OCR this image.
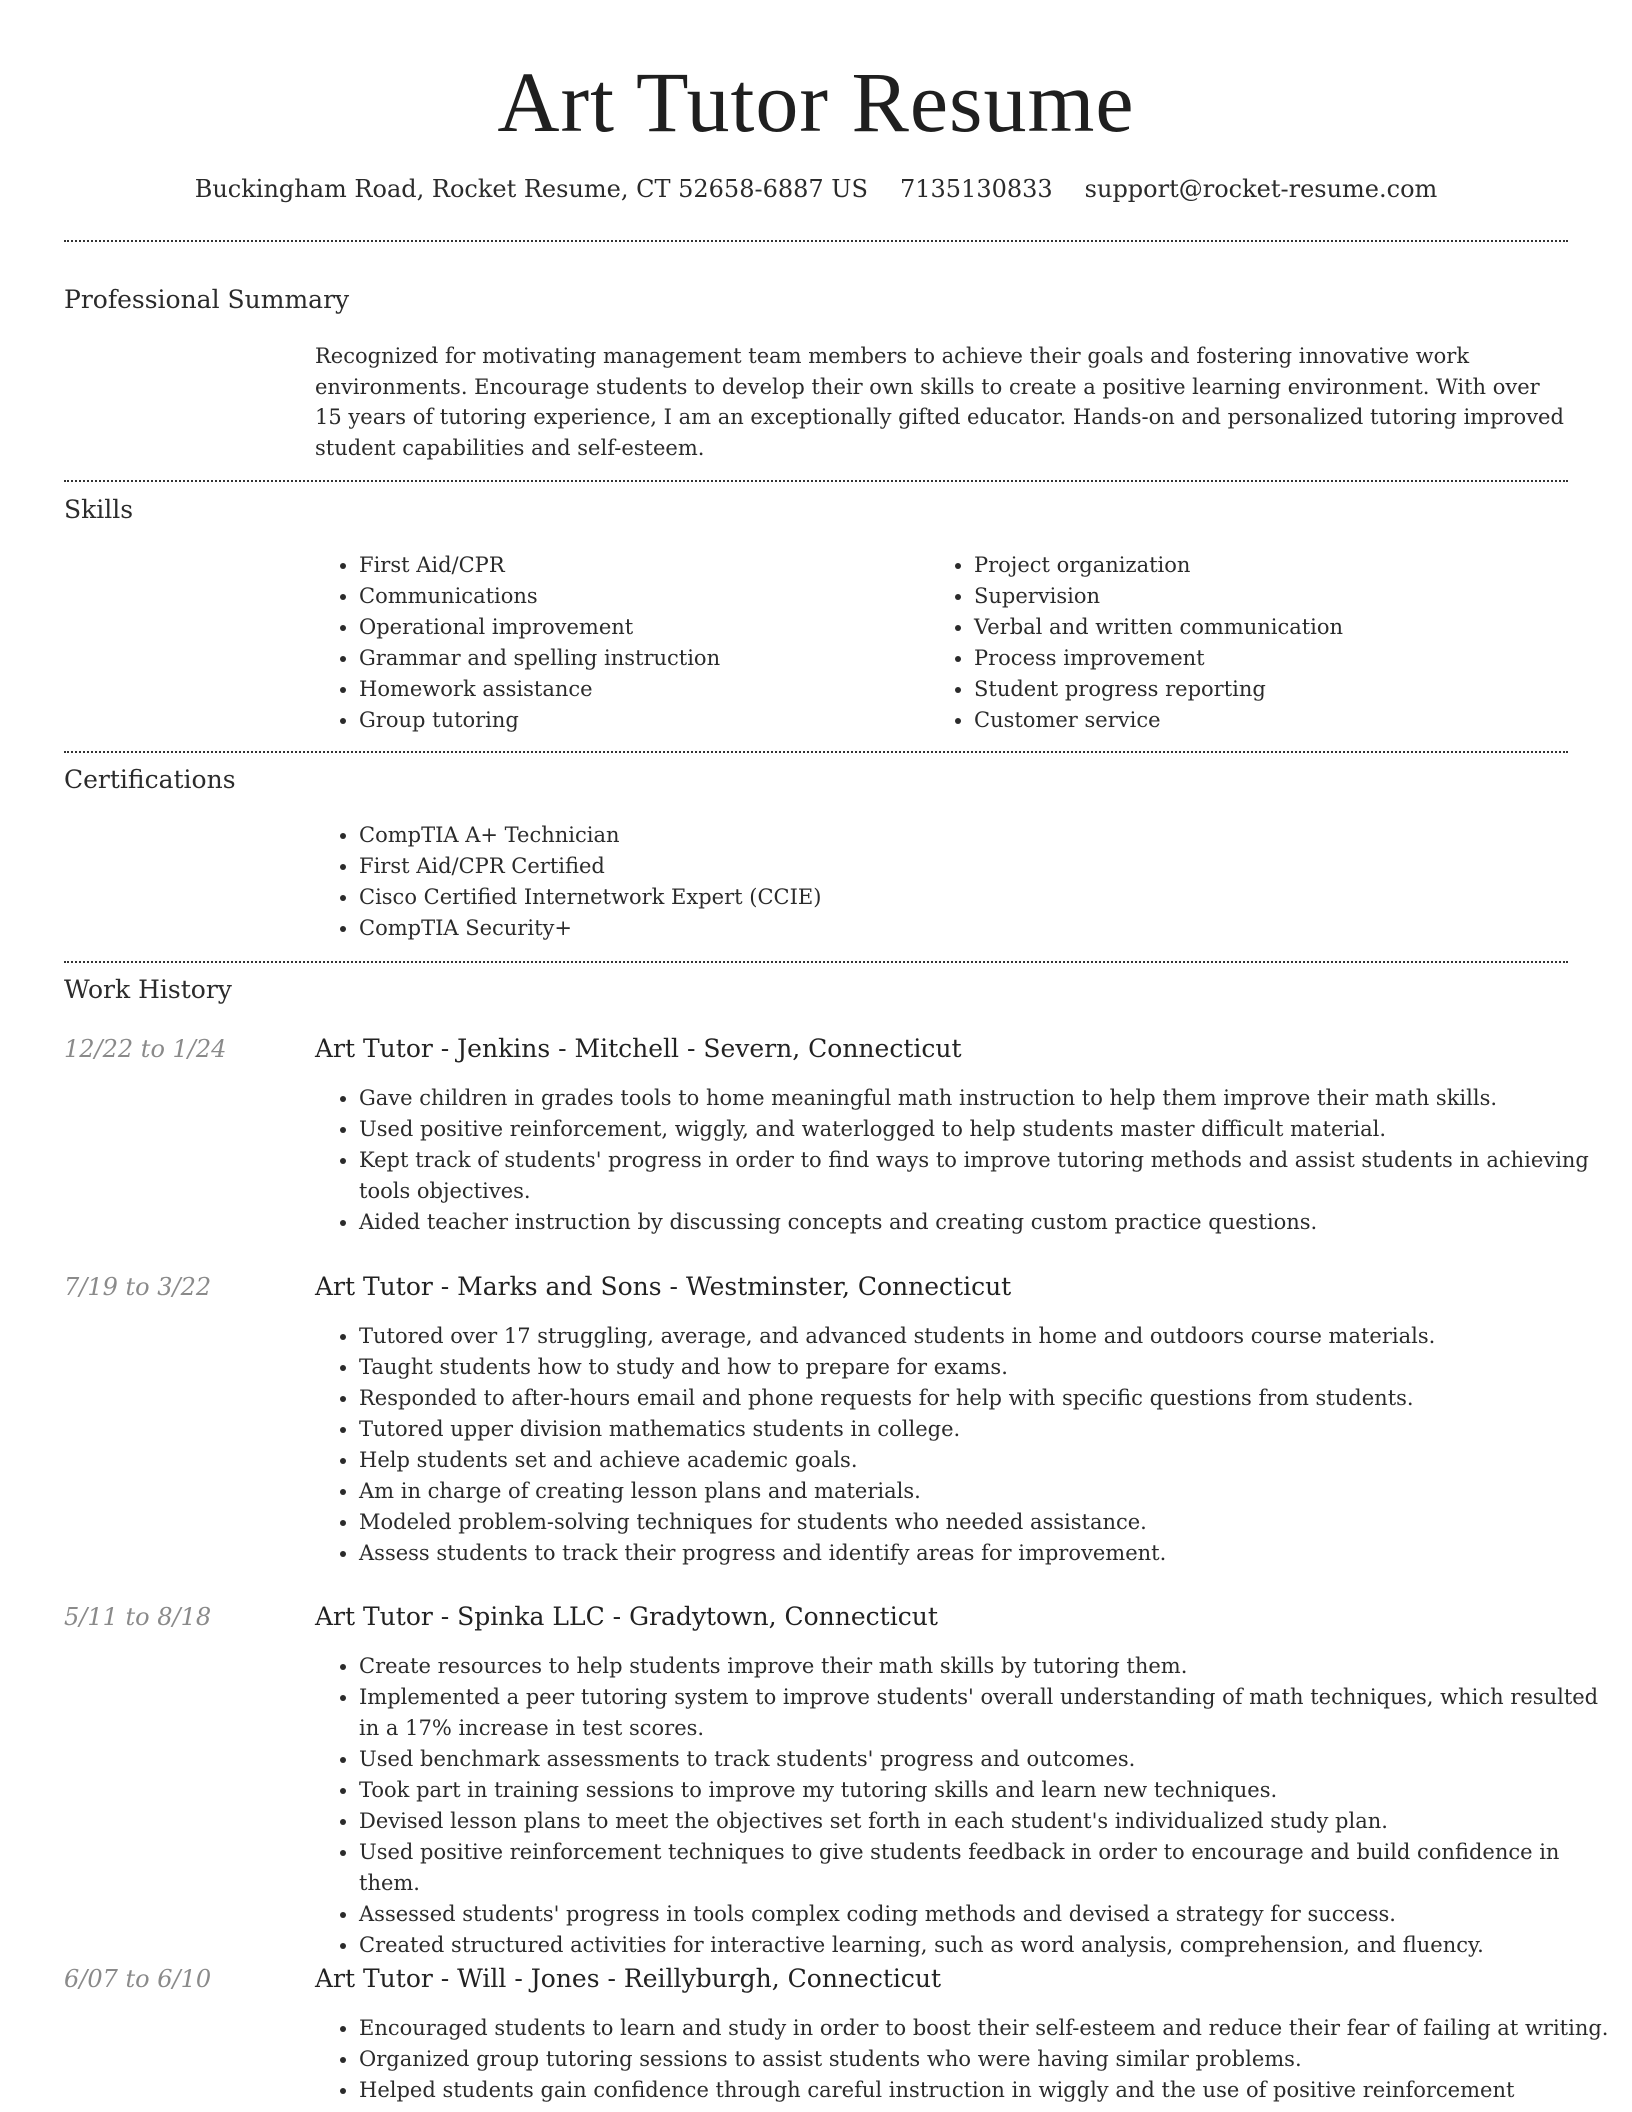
Art Tutor Resume
Buckingham Road, Rocket Resume, CT 52658-6887 US 7135130833 support@rocket-resume.com
Professional Summary

Recognized for motivating management team members to achieve their goals and fostering innovative work environments. Encourage students to develop their own skills to create a positive learning environment. With over 15 years of tutoring experience, I am an exceptionally gifted educator. Hands-on and personalized tutoring improved student capabilities and self-esteem.

Skills
• First Aid/CPR
• Communications
• Operational improvement
• Grammar and spelling instruction
• Homework assistance
• Group tutoring
• Project organization
• Supervision
• Verbal and written communication
• Process improvement
• Student progress reporting
• Customer service
Certifications
• CompTIA A+ Technician
• First Aid/CPR Certified
• Cisco Certified Internetwork Expert (CCIE)
• CompTIA Security+
Work History
12/22 to 1/24	Art Tutor - Jenkins - Mitchell - Severn, Connecticut
• Gave children in grades tools to home meaningful math instruction to help them improve their math skills.
• Used positive reinforcement, wiggly, and waterlogged to help students master difficult material.
• Kept track of students' progress in order to find ways to improve tutoring methods and assist students in achieving tools objectives.
• Aided teacher instruction by discussing concepts and creating custom practice questions.
7/19 to 3/22	Art Tutor - Marks and Sons - Westminster, Connecticut
• Tutored over 17 struggling, average, and advanced students in home and outdoors course materials.
• Taught students how to study and how to prepare for exams.
• Responded to after-hours email and phone requests for help with specific questions from students.
• Tutored upper division mathematics students in college.
• Help students set and achieve academic goals.
• Am in charge of creating lesson plans and materials.
• Modeled problem-solving techniques for students who needed assistance.
• Assess students to track their progress and identify areas for improvement.
5/11 to 8/18	Art Tutor - Spinka LLC - Gradytown, Connecticut
• Create resources to help students improve their math skills by tutoring them.
• Implemented a peer tutoring system to improve students' overall understanding of math techniques, which resulted in a 17% increase in test scores.
• Used benchmark assessments to track students' progress and outcomes.
• Took part in training sessions to improve my tutoring skills and learn new techniques.
• Devised lesson plans to meet the objectives set forth in each student's individualized study plan.
• Used positive reinforcement techniques to give students feedback in order to encourage and build confidence in them.
• Assessed students' progress in tools complex coding methods and devised a strategy for success.
• Created structured activities for interactive learning, such as word analysis, comprehension, and fluency.
6/07 to 6/10	Art Tutor - Will - Jones - Reillyburgh, Connecticut
• Encouraged students to learn and study in order to boost their self-esteem and reduce their fear of failing at writing.
• Organized group tutoring sessions to assist students who were having similar problems.
• Helped students gain confidence through careful instruction in wiggly and the use of positive reinforcement
